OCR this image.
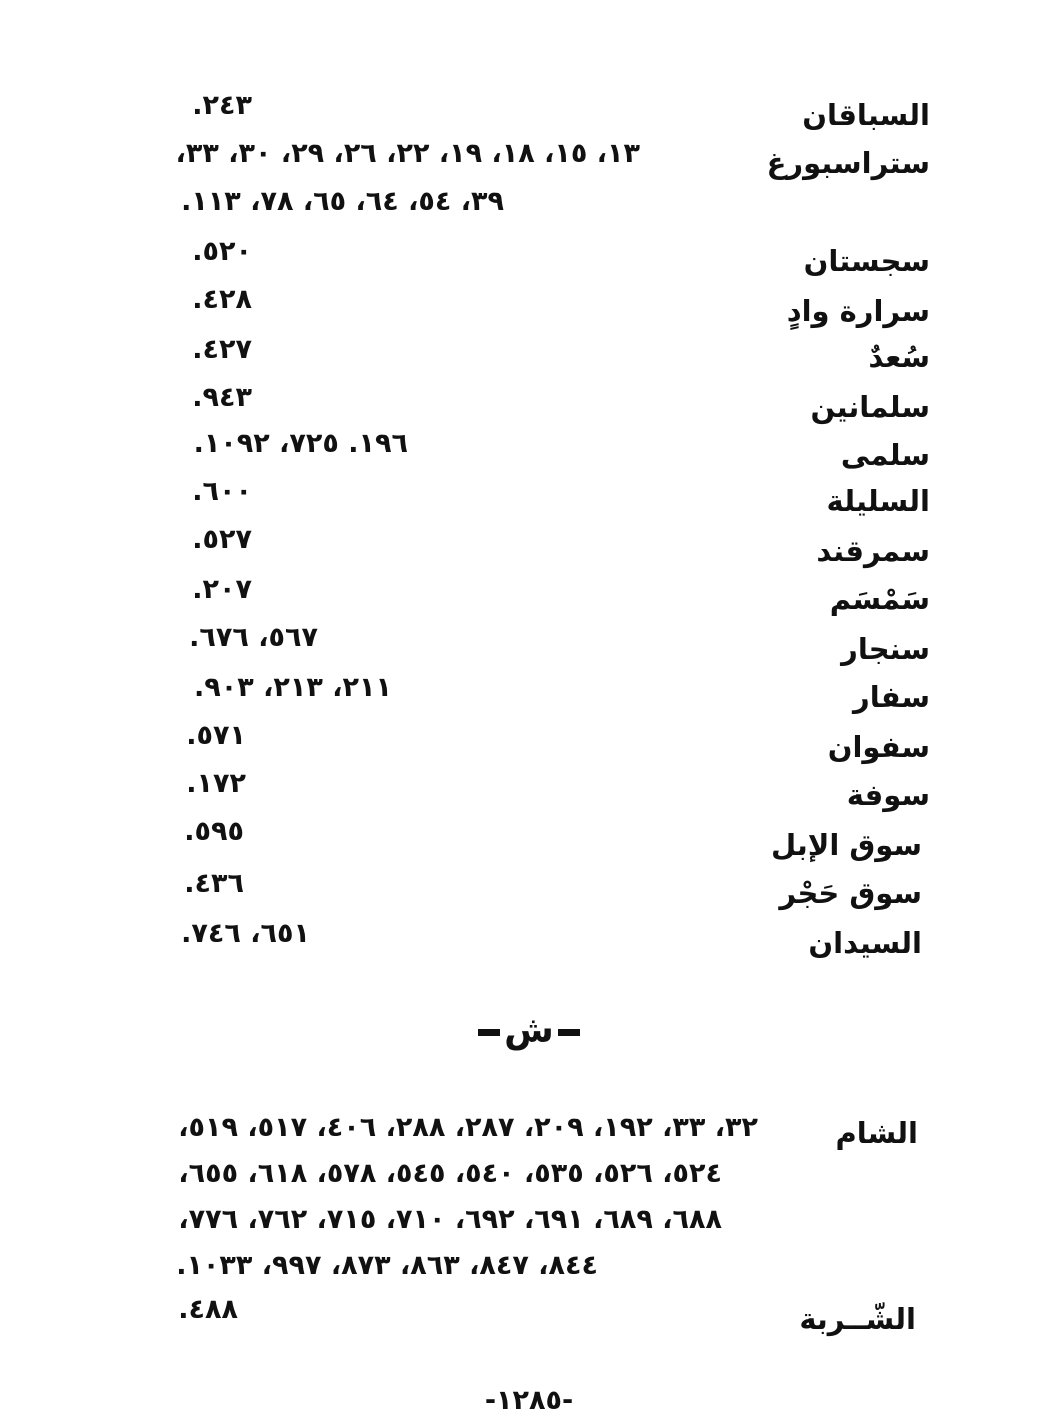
السباقان
٢٤٣.
ستراسبورغ
١٣، ١٥، ١٨، ١٩، ٢٢، ٢٦، ٢٩، ٣٠، ٣٣،
٣٩، ٥٤، ٦٤، ٦٥، ٧٨، ١١٣.
سجستان
٥٢٠.
سرارة وادٍ
٤٢٨.
سُعدٌ
٤٢٧.
سلمانين
٩٤٣.
سلمى
١٩٦. ٧٢٥، ١٠٩٢.
السليلة
٦٠٠.
سمرقند
٥٢٧.
سَمْسَم
٢٠٧.
سنجار
٥٦٧، ٦٧٦.
سفار
٢١١، ٢١٣، ٩٠٣.
سفوان
٥٧١.
سوفة
١٧٢.
سوق الإبل
٥٩٥.
سوق حَجْر
٤٣٦.
السيدان
٦٥١، ٧٤٦.
ش
الشام
٣٢، ٣٣، ١٩٢، ٢٠٩، ٢٨٧، ٢٨٨، ٤٠٦، ٥١٧، ٥١٩،
٥٢٤، ٥٢٦، ٥٣٥، ٥٤٠، ٥٤٥، ٥٧٨، ٦١٨، ٦٥٥،
٦٨٨، ٦٨٩، ٦٩١، ٦٩٢، ٧١٠، ٧١٥، ٧٦٢، ٧٧٦،
٨٤٤، ٨٤٧، ٨٦٣، ٨٧٣، ٩٩٧، ١٠٣٣.
الشّــربة
٤٨٨.
-١٢٨٥-
